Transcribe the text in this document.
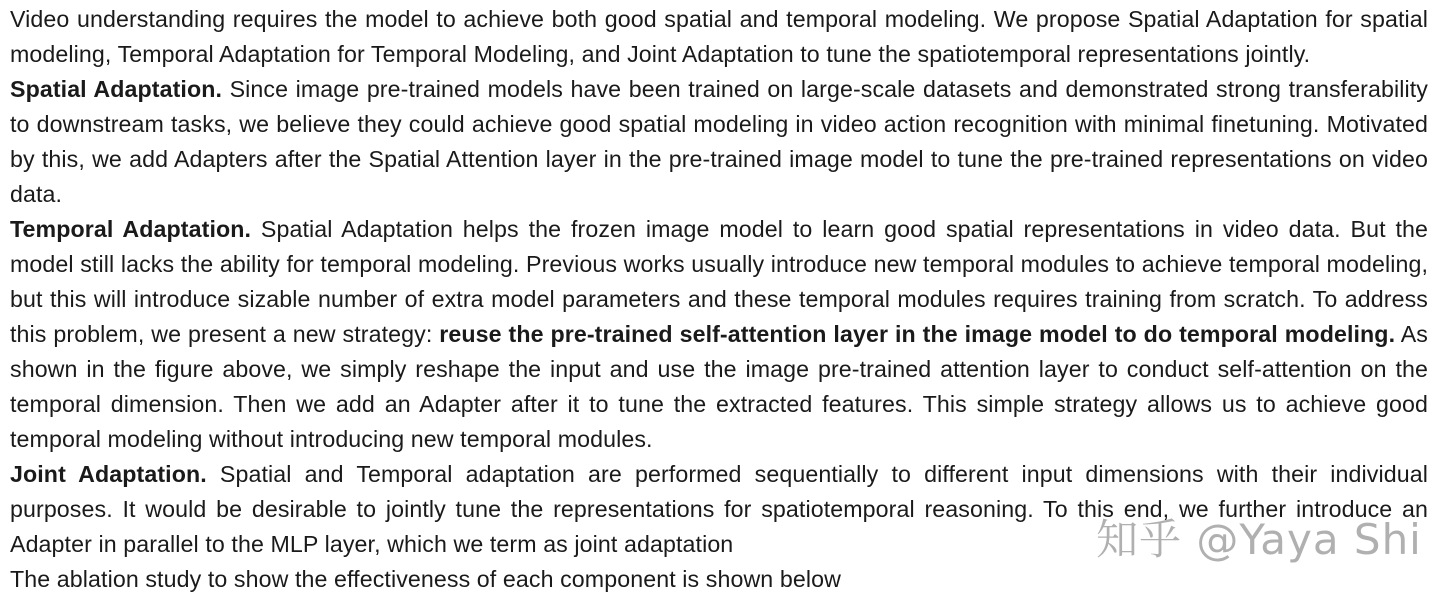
Video understanding requires the model to achieve both good spatial and temporal modeling. We propose Spatial Adaptation for spatial modeling, Temporal Adaptation for Temporal Modeling, and Joint Adaptation to tune the spatiotemporal representations jointly.

Spatial Adaptation. Since image pre-trained models have been trained on large-scale datasets and demonstrated strong transferability to downstream tasks, we believe they could achieve good spatial modeling in video action recognition with minimal finetuning. Motivated by this, we add Adapters after the Spatial Attention layer in the pre-trained image model to tune the pre-trained representations on video data.

Temporal Adaptation. Spatial Adaptation helps the frozen image model to learn good spatial representations in video data. But the model still lacks the ability for temporal modeling. Previous works usually introduce new temporal modules to achieve temporal modeling, but this will introduce sizable number of extra model parameters and these temporal modules requires training from scratch. To address this problem, we present a new strategy: reuse the pre-trained self-attention layer in the image model to do temporal modeling. As shown in the figure above, we simply reshape the input and use the image pre-trained attention layer to conduct self-attention on the temporal dimension. Then we add an Adapter after it to tune the extracted features. This simple strategy allows us to achieve good temporal modeling without introducing new temporal modules.

Joint Adaptation. Spatial and Temporal adaptation are performed sequentially to different input dimensions with their individual purposes. It would be desirable to jointly tune the representations for spatiotemporal reasoning. To this end, we further introduce an Adapter in parallel to the MLP layer, which we term as joint adaptation

The ablation study to show the effectiveness of each component is shown below

知乎 @Yaya Shi
